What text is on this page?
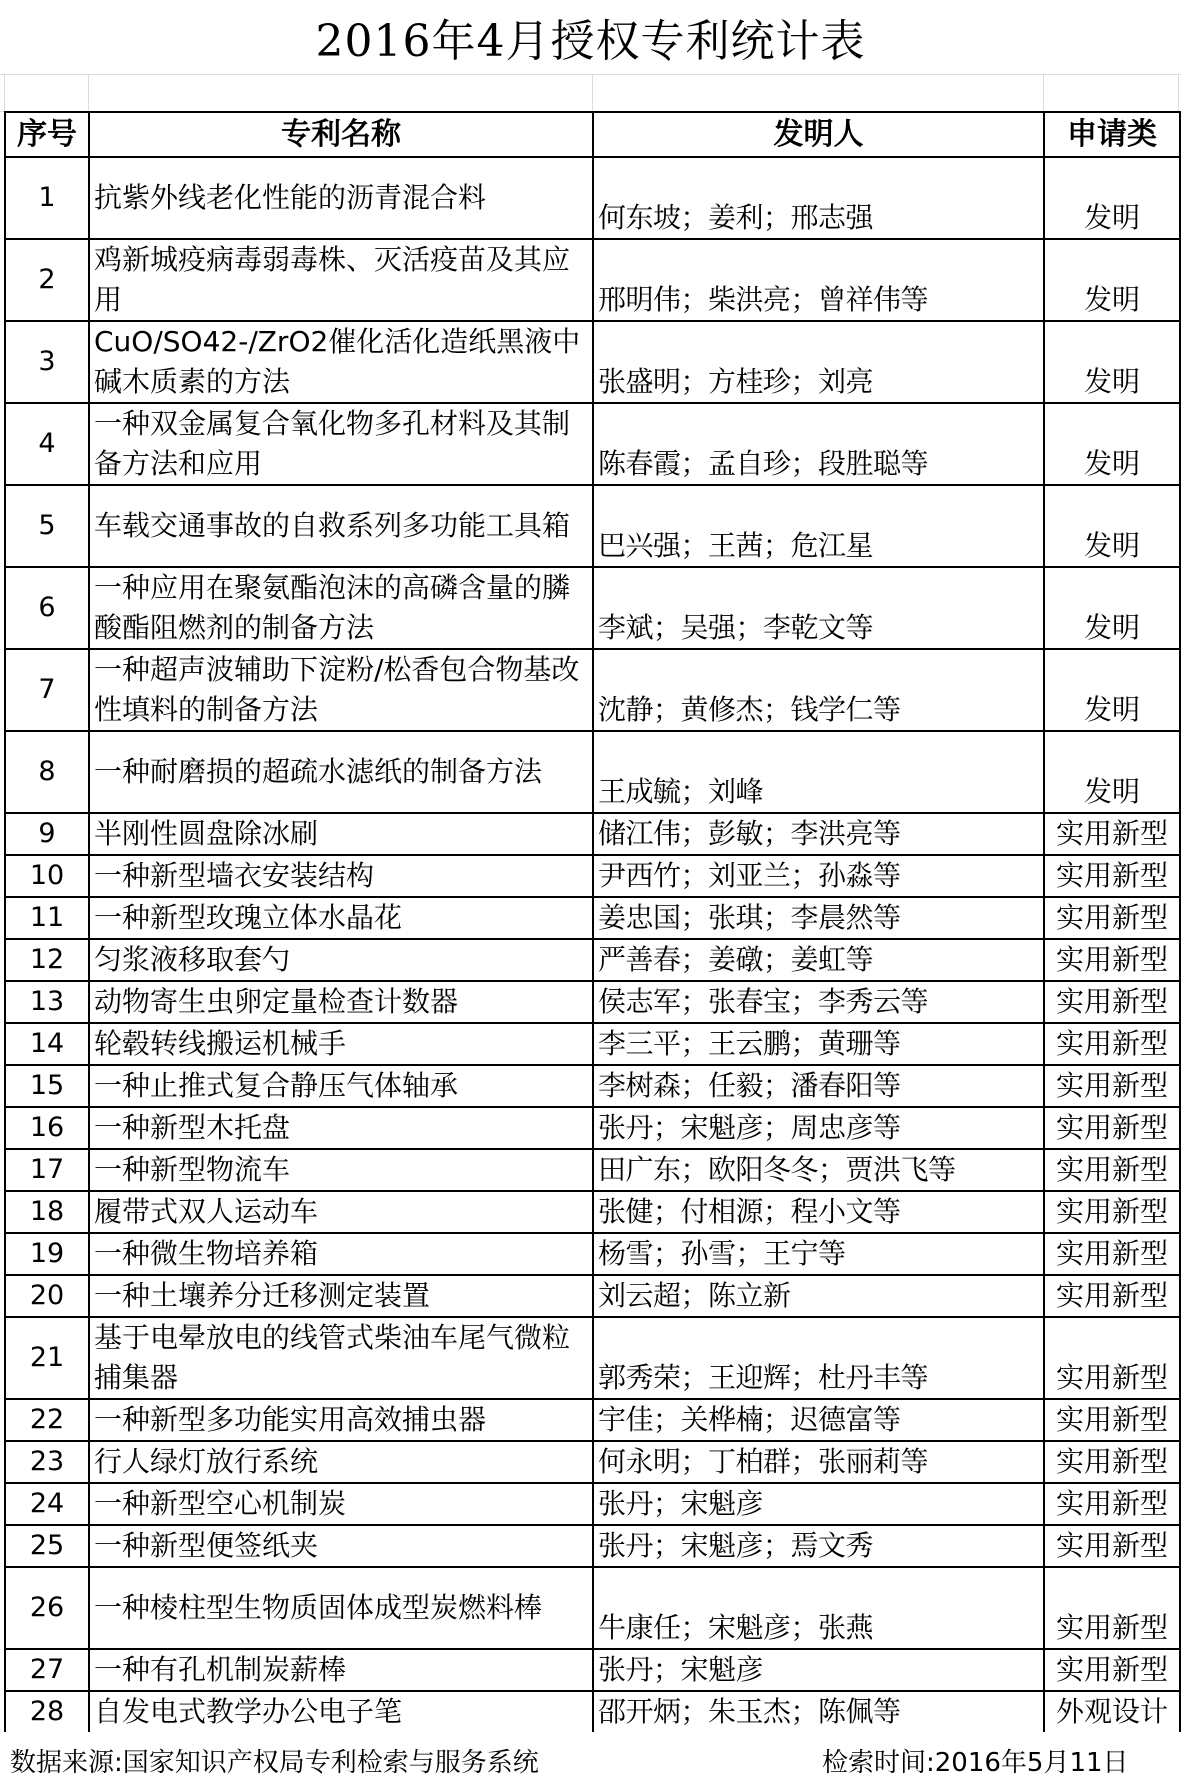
2016年4月授权专利统计表
序号	专利名称	发明人	申请类
1	抗紫外线老化性能的沥青混合料	何东坡；姜利；邢志强	发明
2	鸡新城疫病毒弱毒株、灭活疫苗及其应用	邢明伟；柴洪亮；曾祥伟等	发明
3	CuO/SO42-/ZrO2催化活化造纸黑液中碱木质素的方法	张盛明；方桂珍；刘亮	发明
4	一种双金属复合氧化物多孔材料及其制备方法和应用	陈春霞；孟自珍；段胜聪等	发明
5	车载交通事故的自救系列多功能工具箱	巴兴强；王茜；危江星	发明
6	一种应用在聚氨酯泡沫的高磷含量的膦酸酯阻燃剂的制备方法	李斌；吴强；李乾文等	发明
7	一种超声波辅助下淀粉/松香包合物基改性填料的制备方法	沈静；黄修杰；钱学仁等	发明
8	一种耐磨损的超疏水滤纸的制备方法	王成毓；刘峰	发明
9	半刚性圆盘除冰刷	储江伟；彭敏；李洪亮等	实用新型
10	一种新型墙衣安装结构	尹西竹；刘亚兰；孙淼等	实用新型
11	一种新型玫瑰立体水晶花	姜忠国；张琪；李晨然等	实用新型
12	匀浆液移取套勺	严善春；姜礅；姜虹等	实用新型
13	动物寄生虫卵定量检查计数器	侯志军；张春宝；李秀云等	实用新型
14	轮毂转线搬运机械手	李三平；王云鹏；黄珊等	实用新型
15	一种止推式复合静压气体轴承	李树森；任毅；潘春阳等	实用新型
16	一种新型木托盘	张丹；宋魁彦；周忠彦等	实用新型
17	一种新型物流车	田广东；欧阳冬冬；贾洪飞等	实用新型
18	履带式双人运动车	张健；付相源；程小文等	实用新型
19	一种微生物培养箱	杨雪；孙雪；王宁等	实用新型
20	一种土壤养分迁移测定装置	刘云超；陈立新	实用新型
21	基于电晕放电的线管式柴油车尾气微粒捕集器	郭秀荣；王迎辉；杜丹丰等	实用新型
22	一种新型多功能实用高效捕虫器	宇佳；关桦楠；迟德富等	实用新型
23	行人绿灯放行系统	何永明；丁柏群；张丽莉等	实用新型
24	一种新型空心机制炭	张丹；宋魁彦	实用新型
25	一种新型便签纸夹	张丹；宋魁彦；焉文秀	实用新型
26	一种棱柱型生物质固体成型炭燃料棒	牛康任；宋魁彦；张燕	实用新型
27	一种有孔机制炭薪棒	张丹；宋魁彦	实用新型
28	自发电式教学办公电子笔	邵开炳；朱玉杰；陈佩等	外观设计
数据来源:国家知识产权局专利检索与服务系统	检索时间:2016年5月11日
